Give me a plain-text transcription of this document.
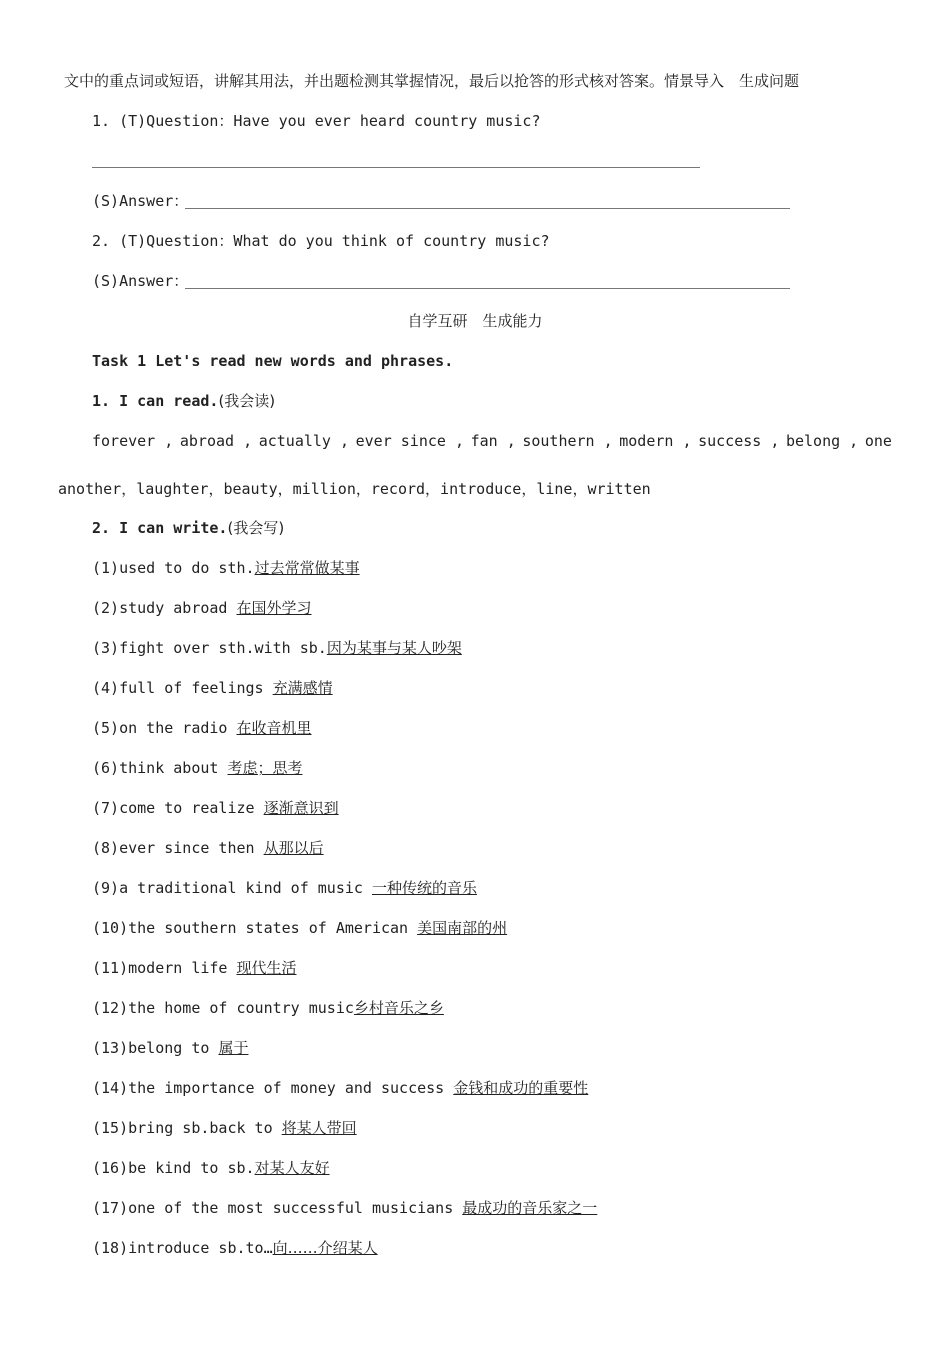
文中的重点词或短语，讲解其用法，并出题检测其掌握情况，最后以抢答的形式核对答案。情景导入　生成问题
1. (T)Question：Have you ever heard country music?
(S)Answer：
2. (T)Question：What do you think of country music?
(S)Answer：
自学互研　生成能力
Task 1 Let's read new words and phrases.
1. I can read.(我会读)
forever , abroad , actually , ever since , fan , southern , modern , success , belong , one
another，laughter，beauty，million，record，introduce，line，written
2. I can write.(我会写)
(1)used to do sth.过去常常做某事
(2)study abroad 在国外学习
(3)fight over sth.with sb.因为某事与某人吵架
(4)full of feelings 充满感情
(5)on the radio 在收音机里
(6)think about 考虑；思考
(7)come to realize 逐渐意识到
(8)ever since then 从那以后
(9)a traditional kind of music 一种传统的音乐
(10)the southern states of American 美国南部的州
(11)modern life 现代生活
(12)the home of country music乡村音乐之乡
(13)belong to 属于
(14)the importance of money and success 金钱和成功的重要性
(15)bring sb.back to 将某人带回
(16)be kind to sb.对某人友好
(17)one of the most successful musicians 最成功的音乐家之一
(18)introduce sb.to…向……介绍某人
